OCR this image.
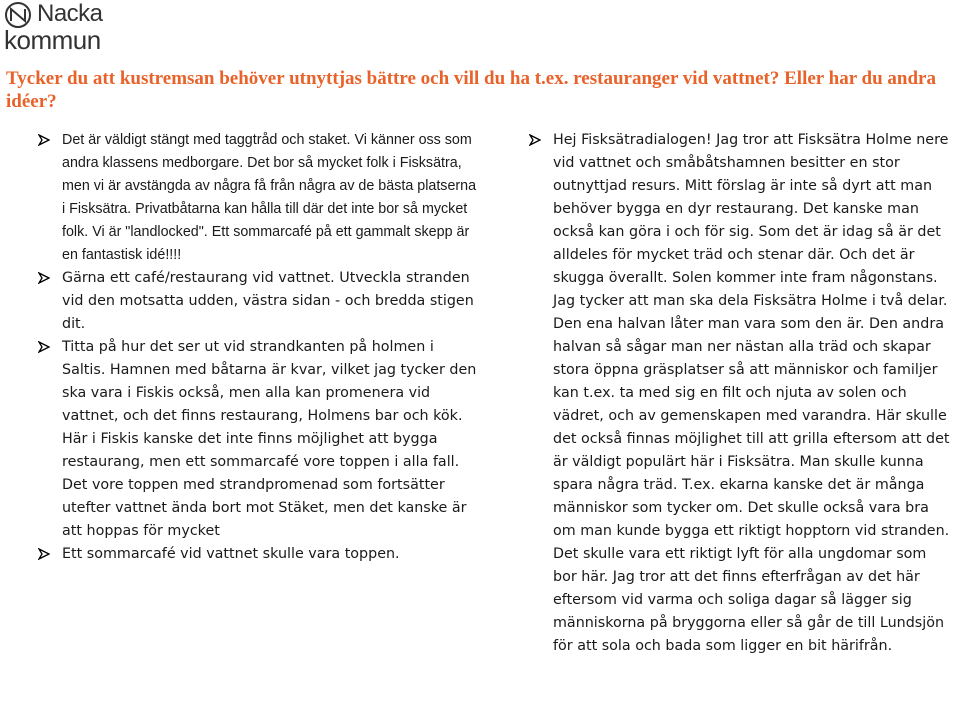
Nacka
kommun
Tycker du att kustremsan behöver utnyttjas bättre och vill du ha t.ex. restauranger vid vattnet? Eller har du andra idéer?

Det är väldigt stängt med taggtråd och staket. Vi känner oss som andra klassens medborgare. Det bor så mycket folk i Fisksätra, men vi är avstängda av några få från några av de bästa platserna i Fisksätra. Privatbåtarna kan hålla till där det inte bor så mycket folk. Vi är "landlocked". Ett sommarcafé på ett gammalt skepp är en fantastisk idé!!!!

Gärna ett café/restaurang vid vattnet. Utveckla stranden vid den motsatta udden, västra sidan - och bredda stigen dit.

Titta på hur det ser ut vid strandkanten på holmen i Saltis. Hamnen med båtarna är kvar, vilket jag tycker den ska vara i Fiskis också, men alla kan promenera vid vattnet, och det finns restaurang, Holmens bar och kök. Här i Fiskis kanske det inte finns möjlighet att bygga restaurang, men ett sommarcafé vore toppen i alla fall. Det vore toppen med strandpromenad som fortsätter utefter vattnet ända bort mot Stäket, men det kanske är att hoppas för mycket

Ett sommarcafé vid vattnet skulle vara toppen.

Hej Fisksätradialogen! Jag tror att Fisksätra Holme nere vid vattnet och småbåtshamnen besitter en stor outnyttjad resurs. Mitt förslag är inte så dyrt att man behöver bygga en dyr restaurang. Det kanske man också kan göra i och för sig. Som det är idag så är det alldeles för mycket träd och stenar där. Och det är skugga överallt. Solen kommer inte fram någonstans. Jag tycker att man ska dela Fisksätra Holme i två delar. Den ena halvan låter man vara som den är. Den andra halvan så sågar man ner nästan alla träd och skapar stora öppna gräsplatser så att människor och familjer kan t.ex. ta med sig en filt och njuta av solen och vädret, och av gemenskapen med varandra. Här skulle det också finnas möjlighet till att grilla eftersom att det är väldigt populärt här i Fisksätra. Man skulle kunna spara några träd. T.ex. ekarna kanske det är många människor som tycker om. Det skulle också vara bra om man kunde bygga ett riktigt hopptorn vid stranden. Det skulle vara ett riktigt lyft för alla ungdomar som bor här. Jag tror att det finns efterfrågan av det här eftersom vid varma och soliga dagar så lägger sig människorna på bryggorna eller så går de till Lundsjön för att sola och bada som ligger en bit härifrån.
